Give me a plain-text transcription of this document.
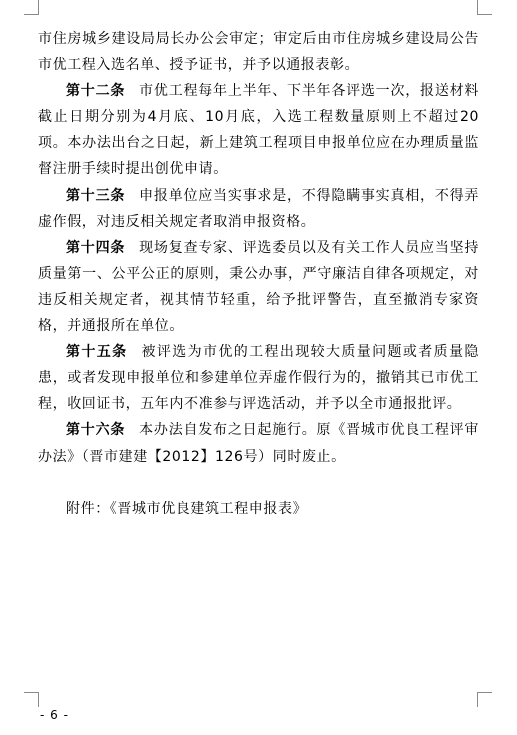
市住房城乡建设局局长办公会审定；审定后由市住房城乡建设局公告市优工程入选名单、授予证书，并予以通报表彰。

第十二条 市优工程每年上半年、下半年各评选一次，报送材料截止日期分别为4月底、10月底，入选工程数量原则上不超过20项。本办法出台之日起，新上建筑工程项目申报单位应在办理质量监督注册手续时提出创优申请。

第十三条 申报单位应当实事求是，不得隐瞒事实真相，不得弄虚作假，对违反相关规定者取消申报资格。

第十四条 现场复查专家、评选委员以及有关工作人员应当坚持质量第一、公平公正的原则，秉公办事，严守廉洁自律各项规定，对违反相关规定者，视其情节轻重，给予批评警告，直至撤消专家资格，并通报所在单位。

第十五条 被评选为市优的工程出现较大质量问题或者质量隐患，或者发现申报单位和参建单位弄虚作假行为的，撤销其已市优工程，收回证书，五年内不准参与评选活动，并予以全市通报批评。

第十六条 本办法自发布之日起施行。原《晋城市优良工程评审办法》（晋市建建【2012】126号）同时废止。

附件：《晋城市优良建筑工程申报表》

- 6 -
